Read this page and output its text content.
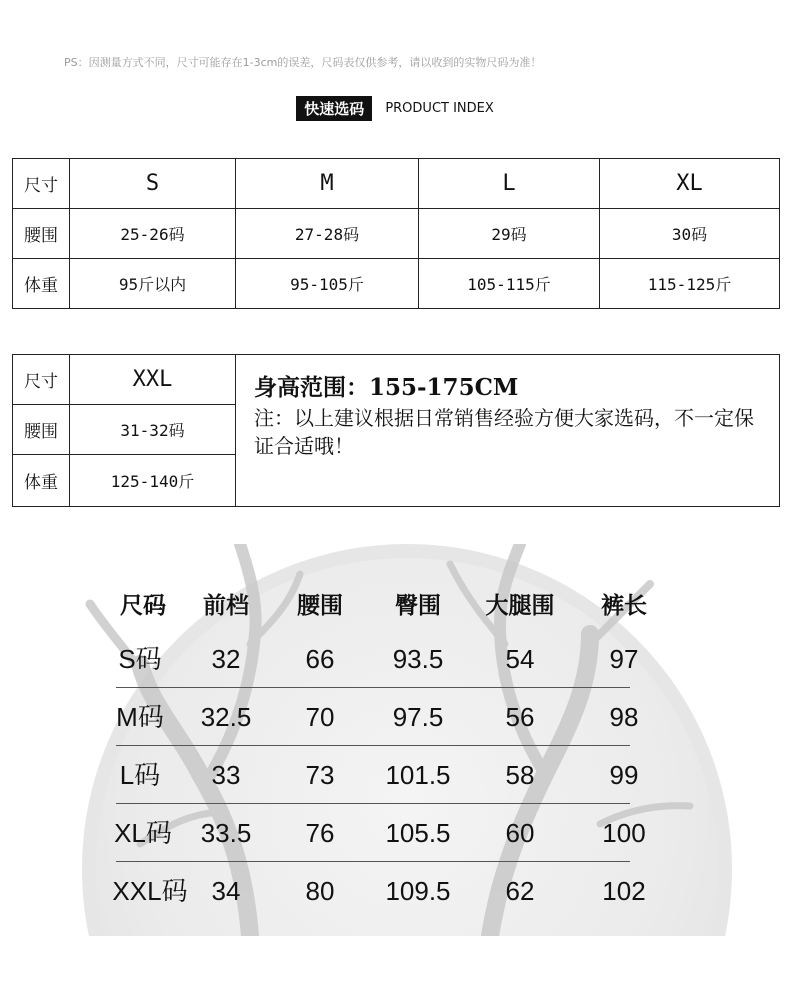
PS：因测量方式不同，尺寸可能存在1-3cm的误差，尺码表仅供参考，请以收到的实物尺码为准！
快速选码 PRODUCT INDEX
尺寸	S	M	L	XL
腰围	25-26码	27-28码	29码	30码
体重	95斤以内	95-105斤	105-115斤	115-125斤
尺寸	XXL	身高范围：155-175CM
注：以上建议根据日常销售经验方便大家选码，不一定保证合适哦！

腰围	31-32码	
体重	125-140斤	
尺码	前档	腰围	臀围	大腿围	裤长
S码	32	66	93.5	54	97
M码	32.5	70	97.5	56	98
L码	33	73	101.5	58	99
XL码	33.5	76	105.5	60	100
XXL码 34	80	109.5	62	102
